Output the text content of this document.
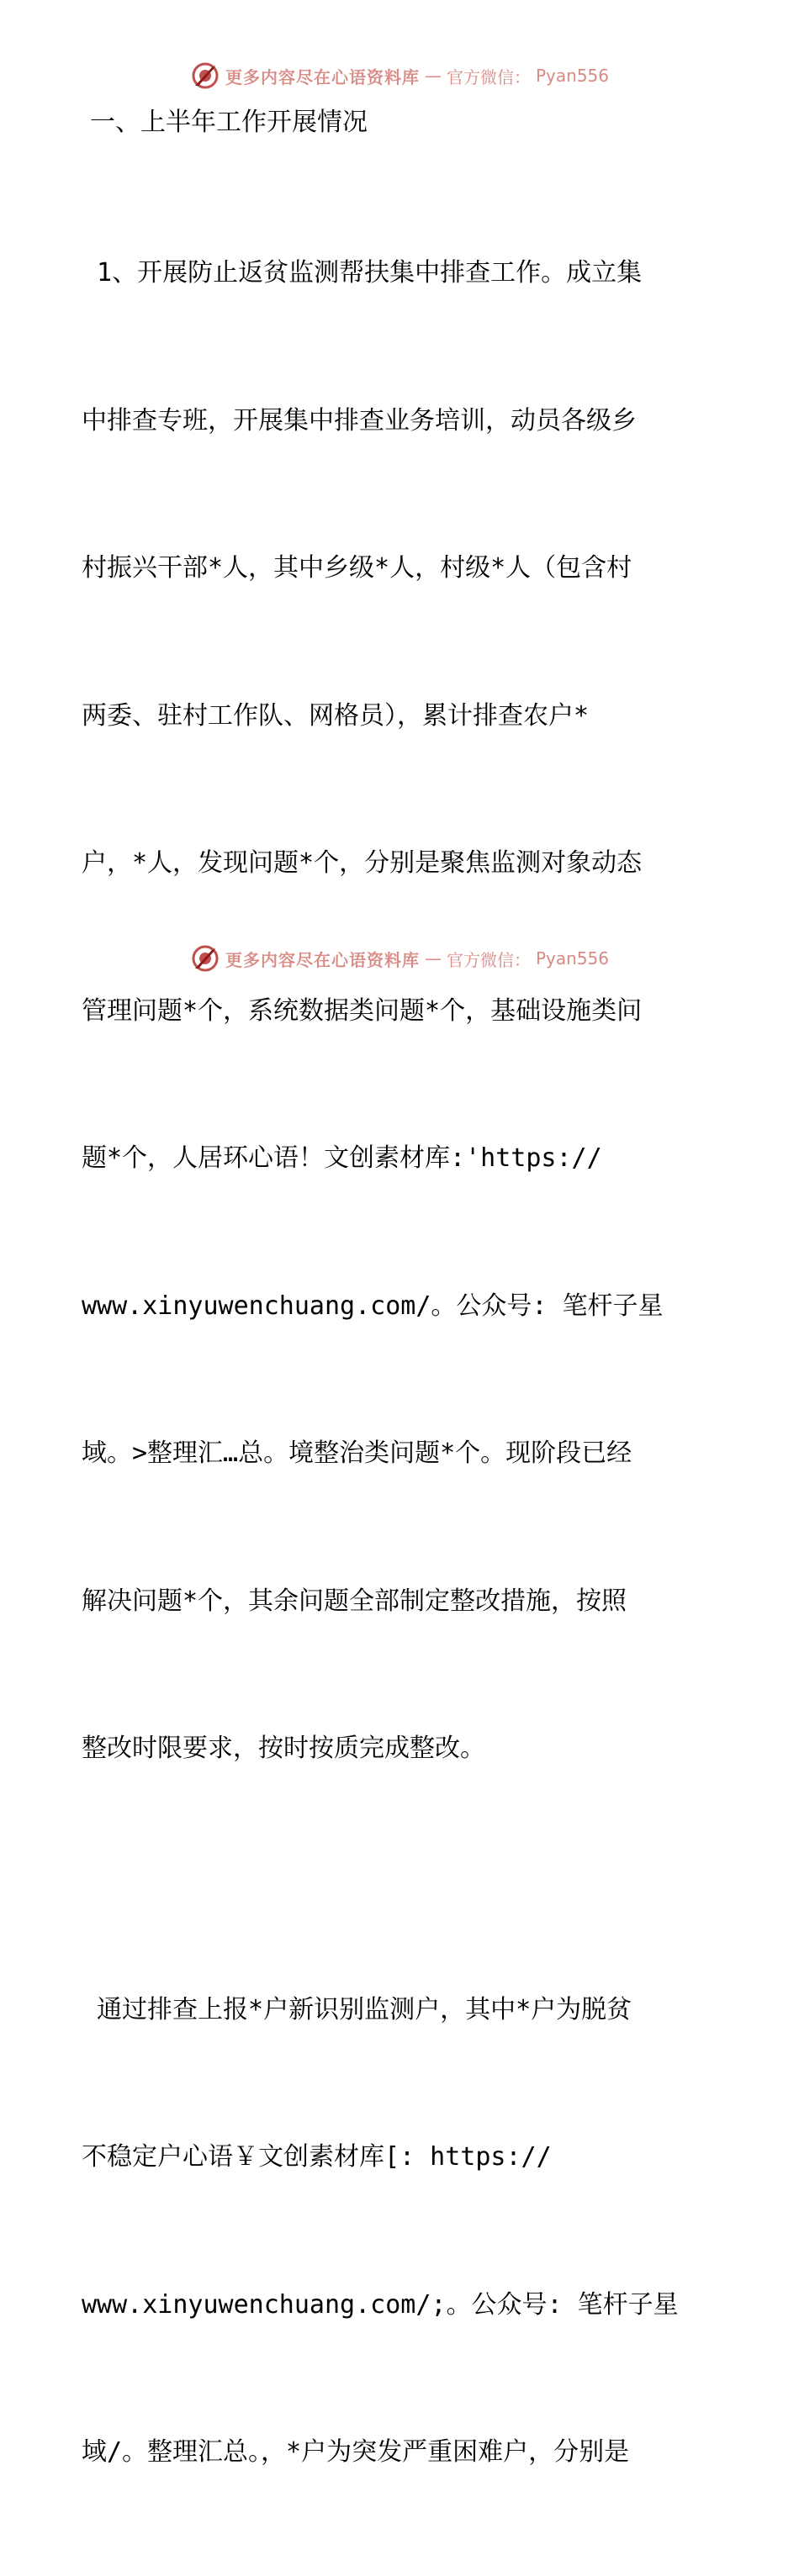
更多内容尽在心语资料库 — 官方微信： Pyan556
一、上半年工作开展情况

1、开展防止返贫监测帮扶集中排查工作。成立集

中排查专班，开展集中排查业务培训，动员各级乡

村振兴干部*人，其中乡级*人，村级*人（包含村

两委、驻村工作队、网格员），累计排查农户*

户，*人，发现问题*个，分别是聚焦监测对象动态

管理问题*个，系统数据类问题*个，基础设施类问

题*个，人居环心语！文创素材库:'https://

www.xinyuwenchuang.com/。公众号: 笔杆子星

域。>整理汇…总。境整治类问题*个。现阶段已经

解决问题*个，其余问题全部制定整改措施，按照

整改时限要求，按时按质完成整改。

通过排查上报*户新识别监测户，其中*户为脱贫

不稳定户心语￥文创素材库[: https://

www.xinyuwenchuang.com/;。公众号: 笔杆子星

域/。整理汇总。，*户为突发严重困难户，分别是

更多内容尽在心语资料库 — 官方微信： Pyan556
